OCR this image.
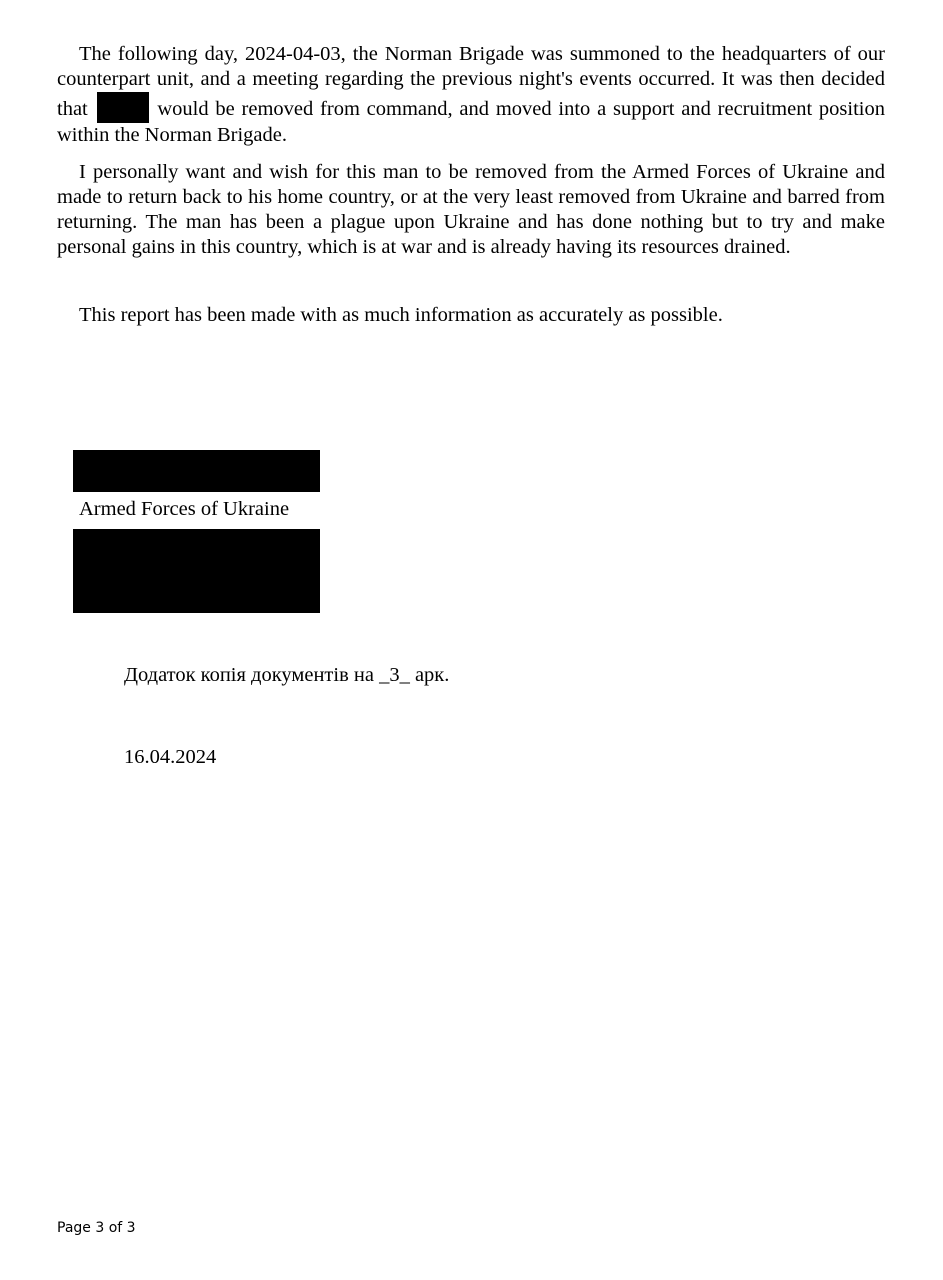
The following day, 2024-04-03, the Norman Brigade was summoned to the headquarters of our counterpart unit, and a meeting regarding the previous night's events occurred. It was then decided that	would be removed from command, and moved into a support and recruitment position within the Norman Brigade.

I personally want and wish for this man to be removed from the Armed Forces of Ukraine and made to return back to his home country, or at the very least removed from Ukraine and barred from returning. The man has been a plague upon Ukraine and has done nothing but to try and make personal gains in this country, which is at war and is already having its resources drained.

This report has been made with as much information as accurately as possible.

Armed Forces of Ukraine

Додаток копія документів на _3_ арк.

16.04.2024

Page 3 of 3
